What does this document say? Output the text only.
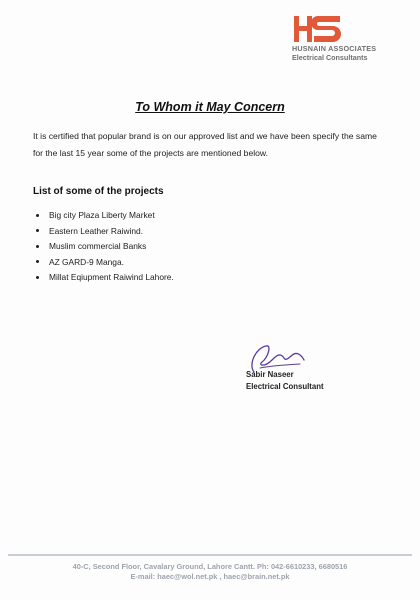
HUSNAIN ASSOCIATES
Electrical Consultants
To Whom it May Concern
It is certified that popular brand is on our approved list and we have been specify the same for the last 15 year some of the projects are mentioned below.
List of some of the projects
Big city Plaza Liberty Market
Eastern Leather Raiwind.
Muslim commercial Banks
AZ GARD-9 Manga.
Millat Eqiupment Raiwind Lahore.
Sabir Naseer
Electrical Consultant
40-C, Second Floor, Cavalary Ground, Lahore Cantt. Ph: 042-6610233, 6680516
E-mail: haec@wol.net.pk , haec@brain.net.pk
